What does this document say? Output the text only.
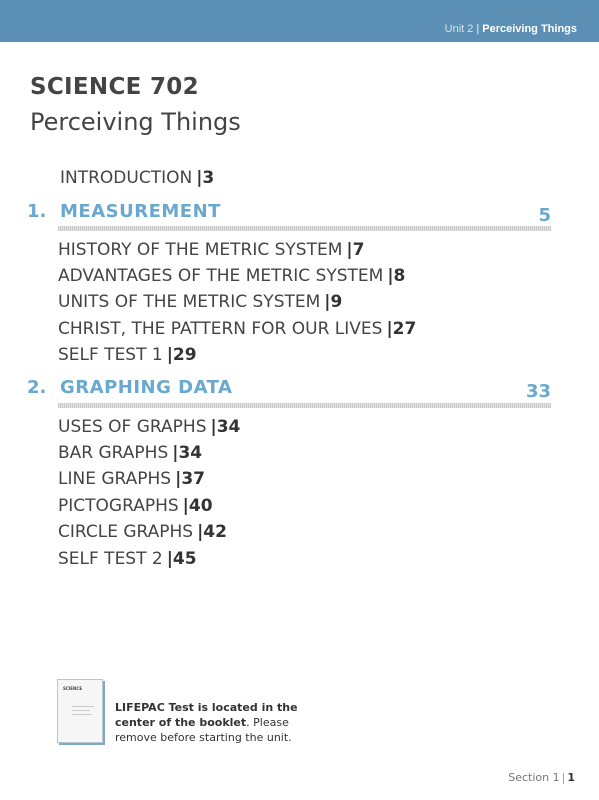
Unit 2 | Perceiving Things
SCIENCE 702
Perceiving Things
INTRODUCTION |3
1. MEASUREMENT	5
HISTORY OF THE METRIC SYSTEM |7
ADVANTAGES OF THE METRIC SYSTEM |8
UNITS OF THE METRIC SYSTEM |9
CHRIST, THE PATTERN FOR OUR LIVES |27
SELF TEST 1 |29
2. GRAPHING DATA	33
USES OF GRAPHS |34
BAR GRAPHS |34
LINE GRAPHS |37
PICTOGRAPHS |40
CIRCLE GRAPHS |42
SELF TEST 2 |45
SCIENCE
LIFEPAC Test is located in the center of the booklet. Please remove before starting the unit.
Section 1 | 1
